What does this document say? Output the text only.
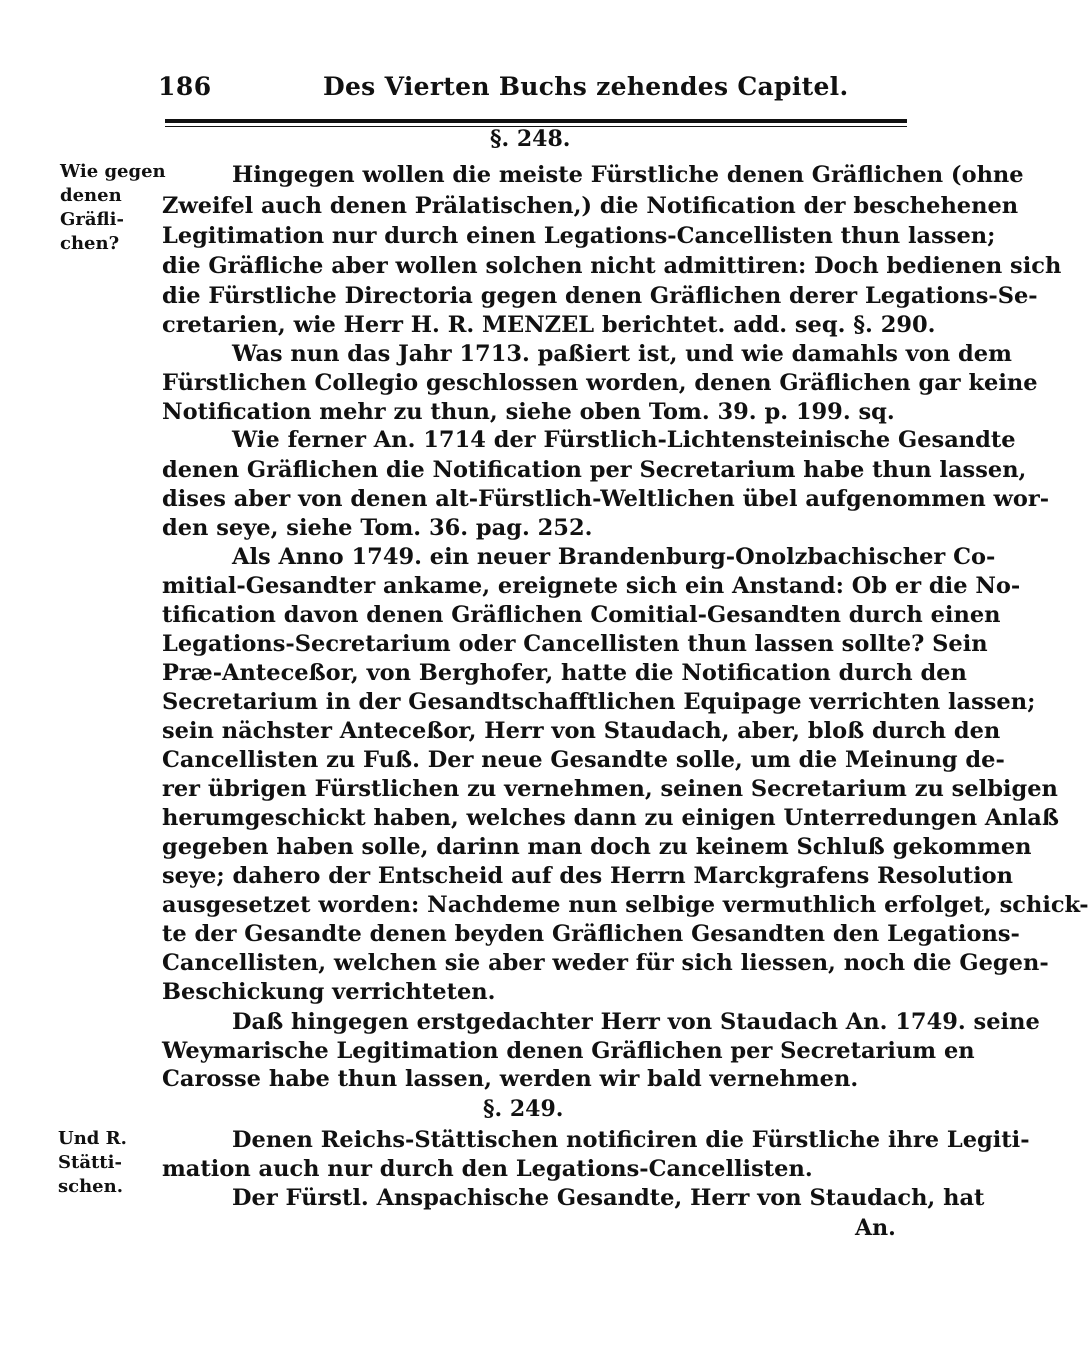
186	Des Vierten Buchs zehendes Capitel.
§. 248.
Wie gegen
denen
Gräfli-
chen?
Hingegen wollen die meiste Fürstliche denen Gräflichen (ohne
Zweifel auch denen Prälatischen,) die Notification der beschehenen
Legitimation nur durch einen Legations-Cancellisten thun lassen;
die Gräfliche aber wollen solchen nicht admittiren: Doch bedienen sich
die Fürstliche Directoria gegen denen Gräflichen derer Legations-Se-
cretarien, wie Herr H. R. MENZEL berichtet. add. seq. §. 290.
Was nun das Jahr 1713. paßiert ist, und wie damahls von dem
Fürstlichen Collegio geschlossen worden, denen Gräflichen gar keine
Notification mehr zu thun, siehe oben Tom. 39. p. 199. sq.
Wie ferner An. 1714 der Fürstlich-Lichtensteinische Gesandte
denen Gräflichen die Notification per Secretarium habe thun lassen,
dises aber von denen alt-Fürstlich-Weltlichen übel aufgenommen wor-
den seye, siehe Tom. 36. pag. 252.
Als Anno 1749. ein neuer Brandenburg-Onolzbachischer Co-
mitial-Gesandter ankame, ereignete sich ein Anstand: Ob er die No-
tification davon denen Gräflichen Comitial-Gesandten durch einen
Legations-Secretarium oder Cancellisten thun lassen sollte? Sein
Præ-Anteceßor, von Berghofer, hatte die Notification durch den
Secretarium in der Gesandtschafftlichen Equipage verrichten lassen;
sein nächster Anteceßor, Herr von Staudach, aber, bloß durch den
Cancellisten zu Fuß. Der neue Gesandte solle, um die Meinung de-
rer übrigen Fürstlichen zu vernehmen, seinen Secretarium zu selbigen
herumgeschickt haben, welches dann zu einigen Unterredungen Anlaß
gegeben haben solle, darinn man doch zu keinem Schluß gekommen
seye; dahero der Entscheid auf des Herrn Marckgrafens Resolution
ausgesetzet worden: Nachdeme nun selbige vermuthlich erfolget, schick-
te der Gesandte denen beyden Gräflichen Gesandten den Legations-
Cancellisten, welchen sie aber weder für sich liessen, noch die Gegen-
Beschickung verrichteten.
Daß hingegen erstgedachter Herr von Staudach An. 1749. seine
Weymarische Legitimation denen Gräflichen per Secretarium en
Carosse habe thun lassen, werden wir bald vernehmen.
§. 249.
Und R.
Stätti-
schen.
Denen Reichs-Stättischen notificiren die Fürstliche ihre Legiti-
mation auch nur durch den Legations-Cancellisten.
Der Fürstl. Anspachische Gesandte, Herr von Staudach, hat
An.
